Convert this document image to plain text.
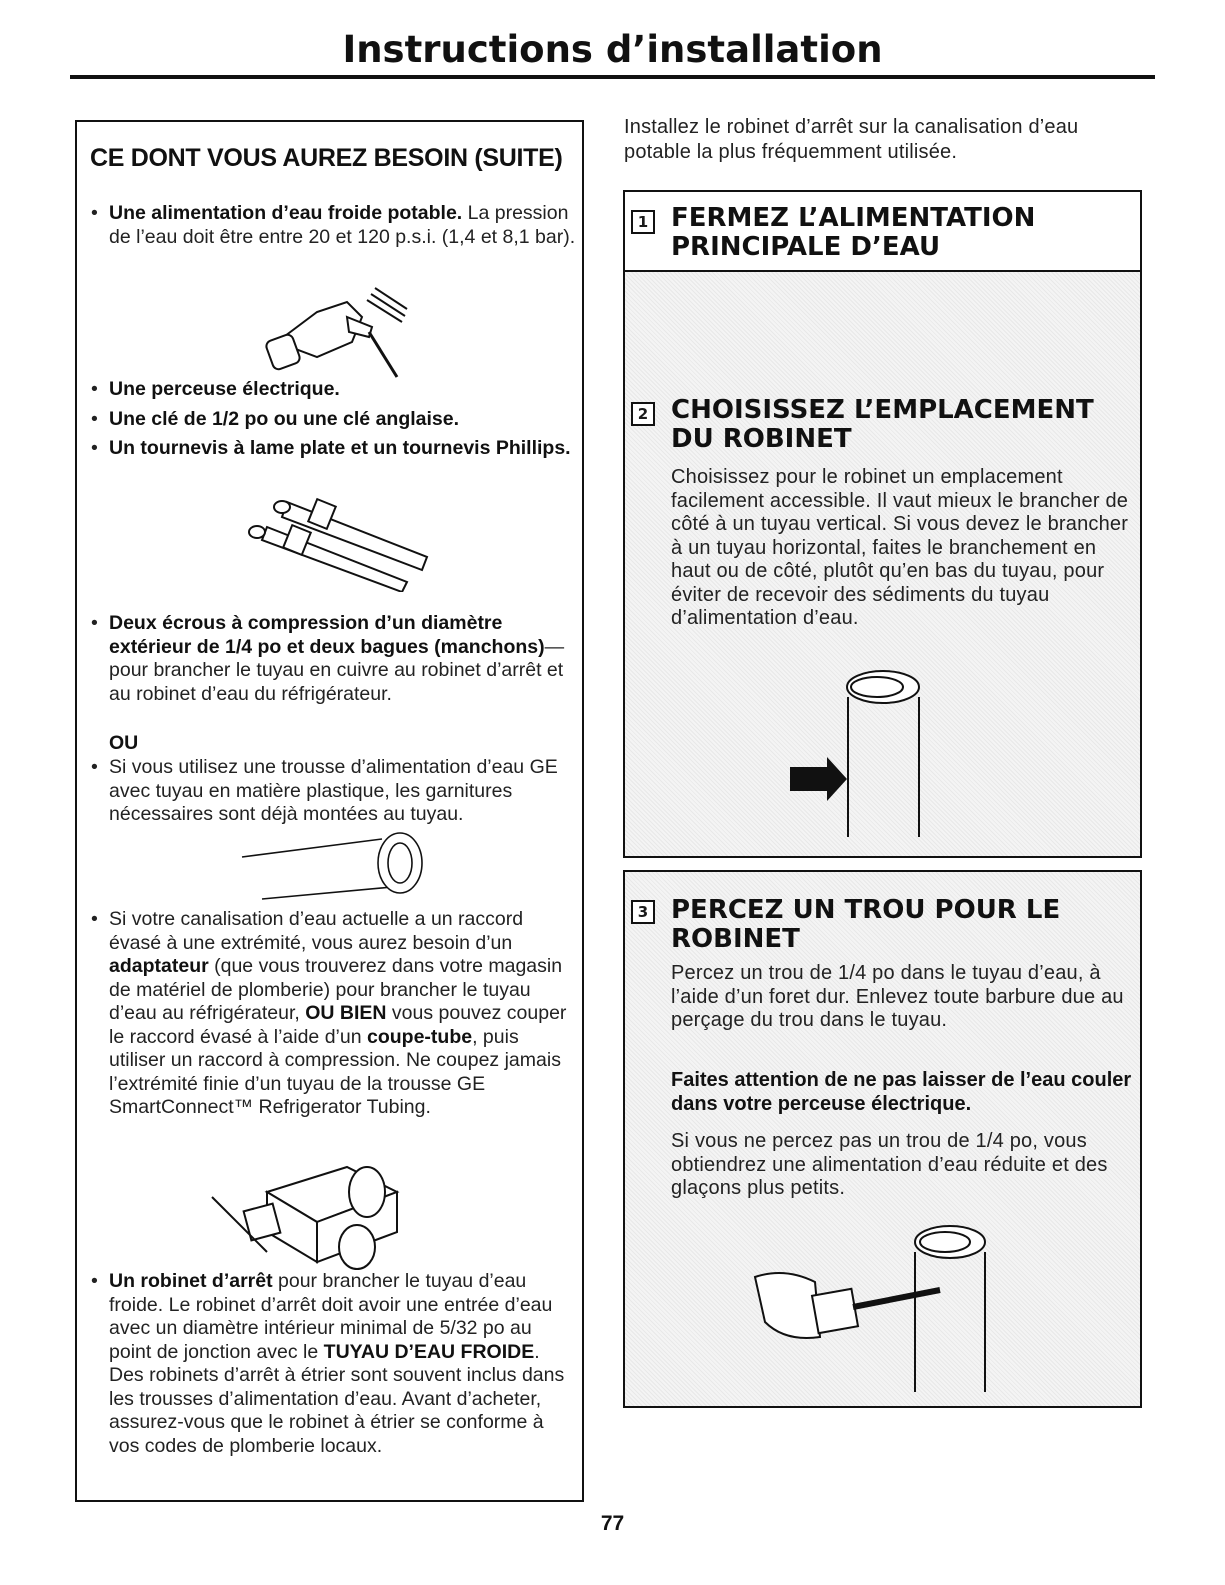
Instructions d’installation
CE DONT VOUS AUREZ BESOIN (SUITE)
• Une alimentation d’eau froide potable. La pression de l’eau doit être entre 20 et 120 p.s.i. (1,4 et 8,1 bar).
• Une perceuse électrique.
• Une clé de 1/2 po ou une clé anglaise.
• Un tournevis à lame plate et un tournevis Phillips.
• Deux écrous à compression d’un diamètre extérieur de 1/4 po et deux bagues (manchons)—pour brancher le tuyau en cuivre au robinet d’arrêt et au robinet d’eau du réfrigérateur.
OU
• Si vous utilisez une trousse d’alimentation d’eau GE avec tuyau en matière plastique, les garnitures nécessaires sont déjà montées au tuyau.
• Si votre canalisation d’eau actuelle a un raccord évasé à une extrémité, vous aurez besoin d’un adaptateur (que vous trouverez dans votre magasin de matériel de plomberie) pour brancher le tuyau d’eau au réfrigérateur, OU BIEN vous pouvez couper le raccord évasé à l’aide d’un coupe-tube, puis utiliser un raccord à compression. Ne coupez jamais l’extrémité finie d’un tuyau de la trousse GE SmartConnect™ Refrigerator Tubing.
• Un robinet d’arrêt pour brancher le tuyau d’eau froide. Le robinet d’arrêt doit avoir une entrée d’eau avec un diamètre intérieur minimal de 5/32 po au point de jonction avec le TUYAU D’EAU FROIDE. Des robinets d’arrêt à étrier sont souvent inclus dans les trousses d’alimentation d’eau. Avant d’acheter, assurez-vous que le robinet à étrier se conforme à vos codes de plomberie locaux.
Installez le robinet d’arrêt sur la canalisation d’eau potable la plus fréquemment utilisée.
1 FERMEZ L’ALIMENTATION PRINCIPALE D’EAU
2 CHOISISSEZ L’EMPLACEMENT DU ROBINET
Choisissez pour le robinet un emplacement facilement accessible. Il vaut mieux le brancher de côté à un tuyau vertical. Si vous devez le brancher à un tuyau horizontal, faites le branchement en haut ou de côté, plutôt qu’en bas du tuyau, pour éviter de recevoir des sédiments du tuyau d’alimentation d’eau.
3 PERCEZ UN TROU POUR LE ROBINET
Percez un trou de 1/4 po dans le tuyau d’eau, à l’aide d’un foret dur. Enlevez toute barbure due au perçage du trou dans le tuyau.
Faites attention de ne pas laisser de l’eau couler dans votre perceuse électrique.
Si vous ne percez pas un trou de 1/4 po, vous obtiendrez une alimentation d’eau réduite et des glaçons plus petits.
77
